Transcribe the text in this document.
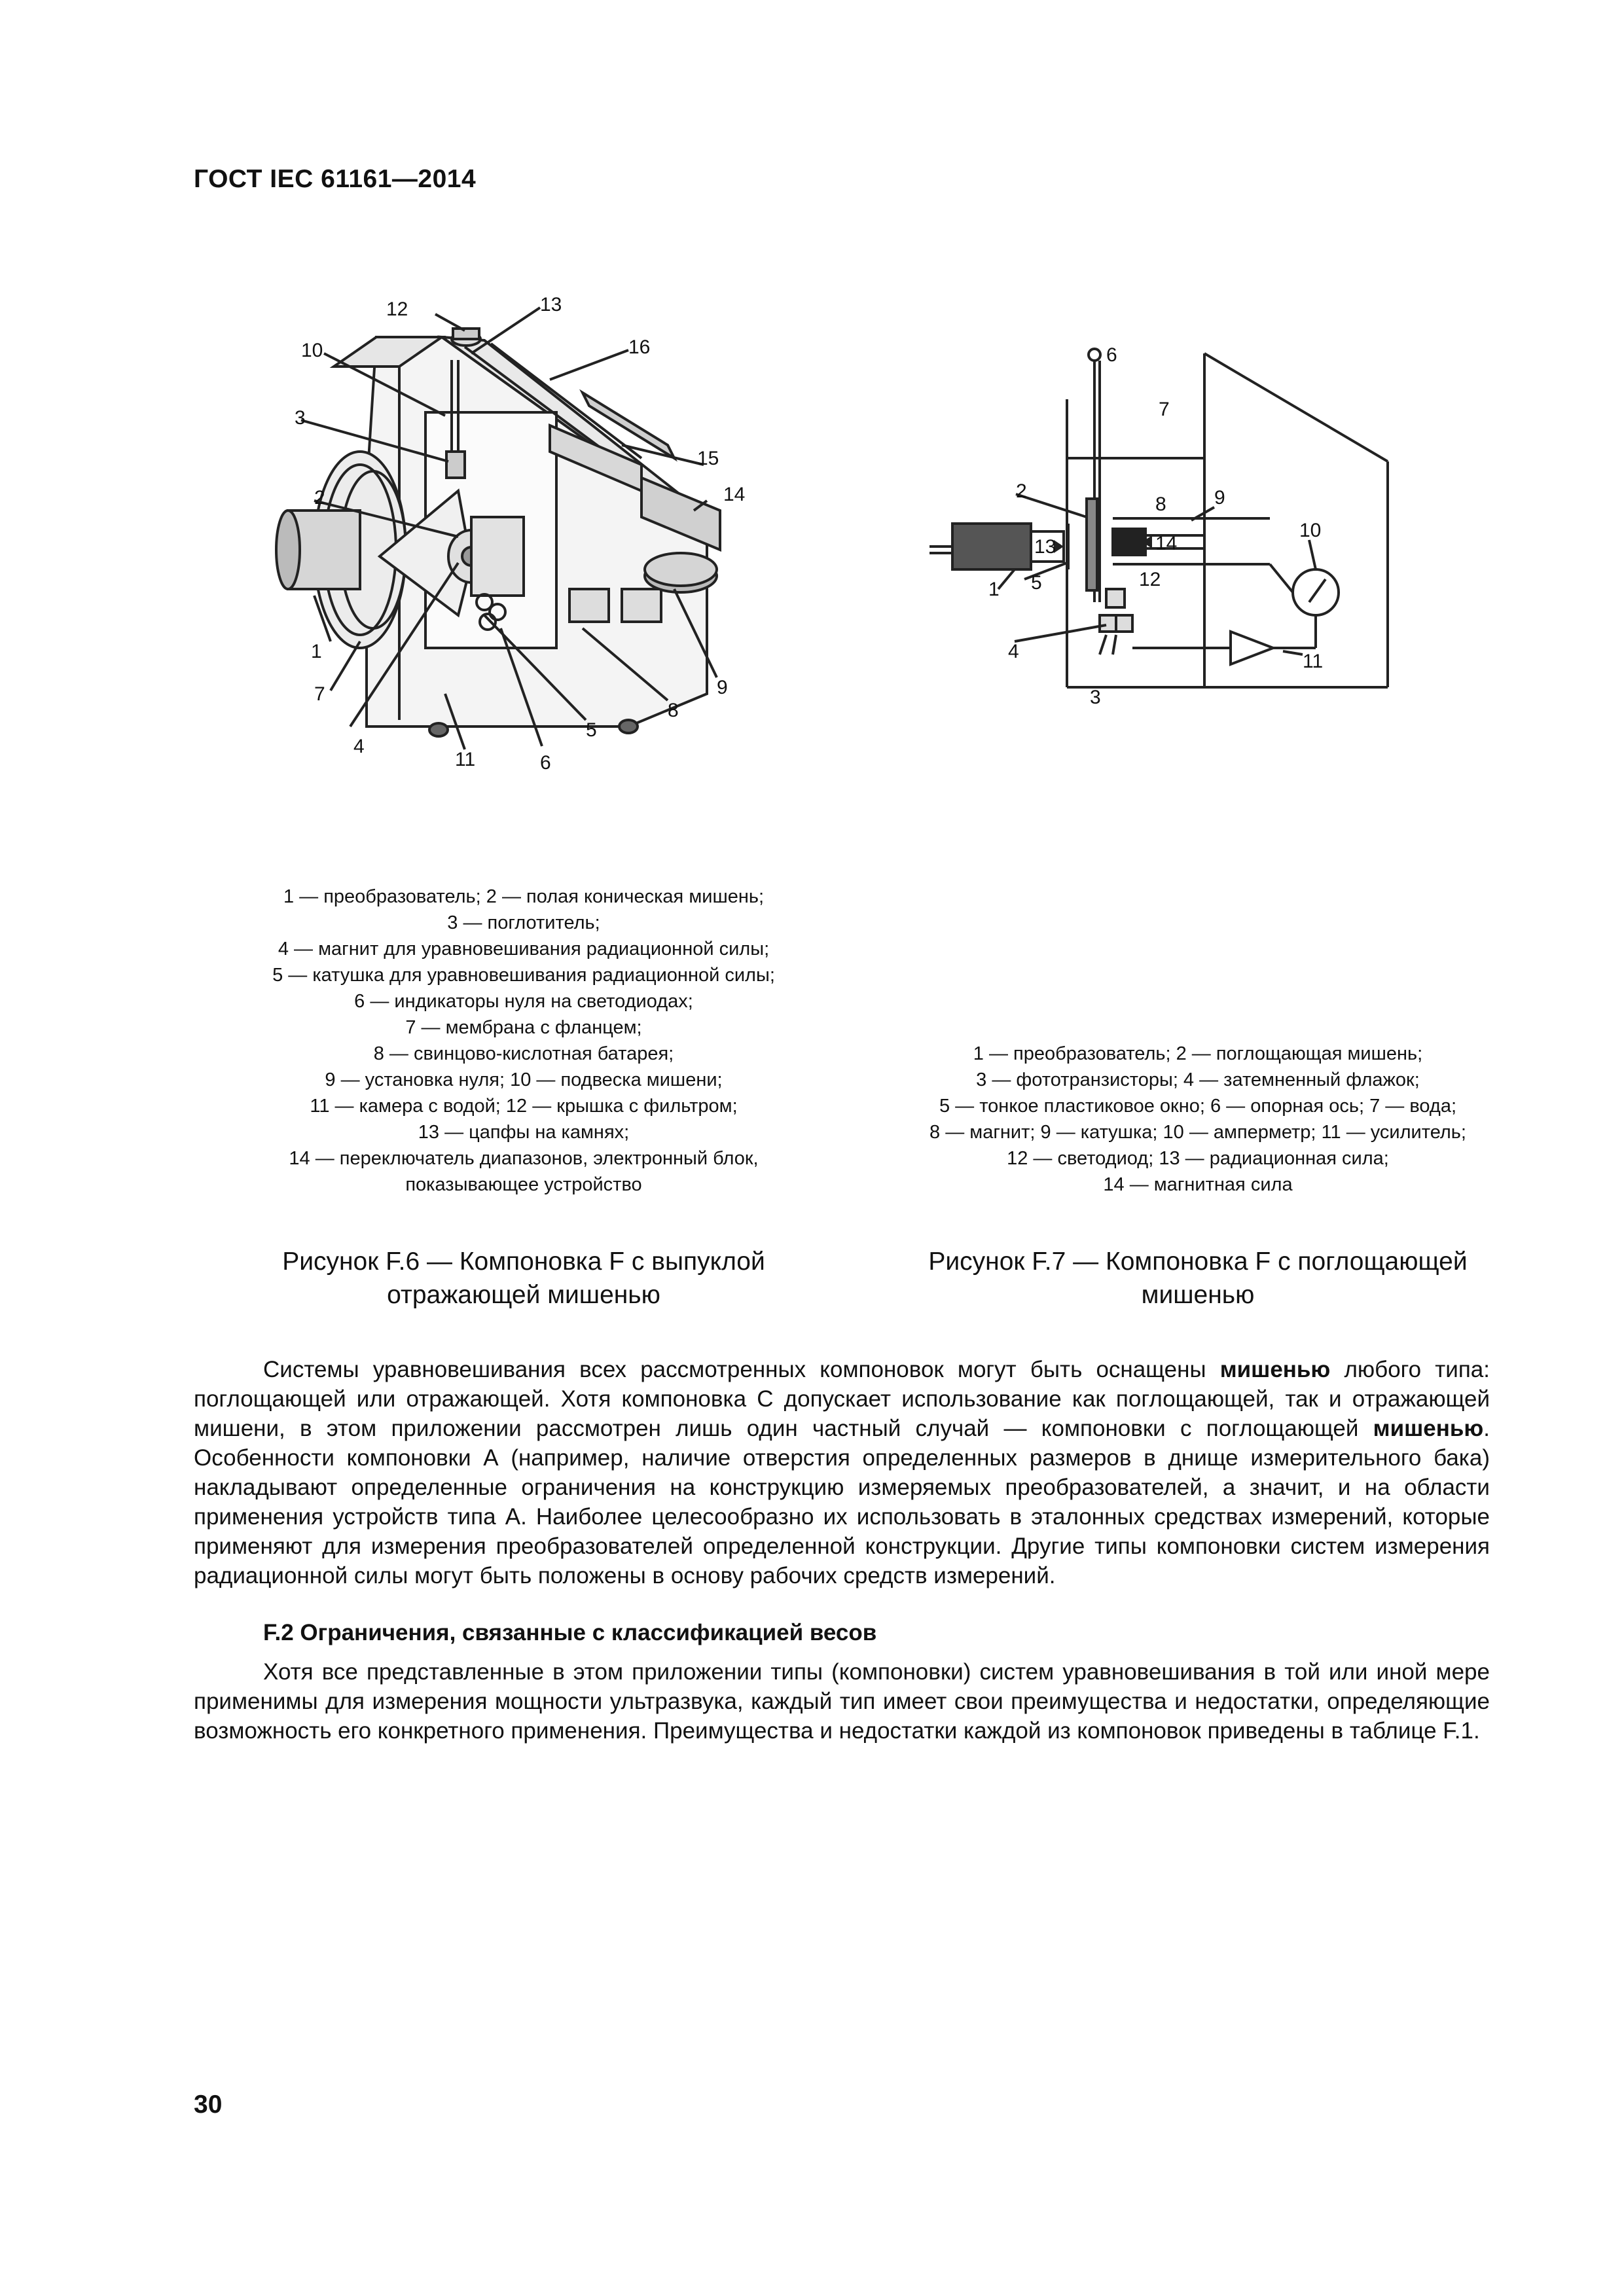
ГОСТ IEC 61161—2014
12	13
16
10
3
15
14
2
1
7
4
5
6
11
8
9
6
7
2
8 9
10
13	14
12
1 5
4	11
3
1 — преобразователь; 2 — полая коническая мишень;
3 — поглотитель;
4 — магнит для уравновешивания радиационной силы;
5 — катушка для уравновешивания радиационной силы;
6 — индикаторы нуля на светодиодах;
7 — мембрана с фланцем;
8 — свинцово-кислотная батарея;
9 — установка нуля; 10 — подвеска мишени;
11 — камера с водой; 12 — крышка с фильтром;
13 — цапфы на камнях;
14 — переключатель диапазонов, электронный блок,
показывающее устройство
1 — преобразователь; 2 — поглощающая мишень;
3 — фототранзисторы; 4 — затемненный флажок;
5 — тонкое пластиковое окно; 6 — опорная ось; 7 — вода;
8 — магнит; 9 — катушка; 10 — амперметр; 11 — усилитель;
12 — светодиод; 13 — радиационная сила;
14 — магнитная сила
Рисунок F.6 — Компоновка F с выпуклой
отражающей мишенью
Рисунок F.7 — Компоновка F с поглощающей
мишенью

Системы уравновешивания всех рассмотренных компоновок могут быть оснащены мишенью любого типа: поглощающей или отражающей. Хотя компоновка С допускает использование как поглощающей, так и отражающей мишени, в этом приложении рассмотрен лишь один частный случай — компоновки с поглощающей мишенью. Особенности компоновки А (например, наличие отверстия определенных размеров в днище измерительного бака) накладывают определенные ограничения на конструкцию измеряемых преобразователей, а значит, и на области применения устройств типа А. Наиболее целесообразно их использовать в эталонных средствах измерений, которые применяют для измерения преобразователей определенной конструкции. Другие типы компоновки систем измерения радиационной силы могут быть положены в основу рабочих средств измерений.

F.2 Ограничения, связанные с классификацией весов

Хотя все представленные в этом приложении типы (компоновки) систем уравновешивания в той или иной мере применимы для измерения мощности ультразвука, каждый тип имеет свои преимущества и недостатки, определяющие возможность его конкретного применения. Преимущества и недостатки каждой из компоновок приведены в таблице F.1.

30
